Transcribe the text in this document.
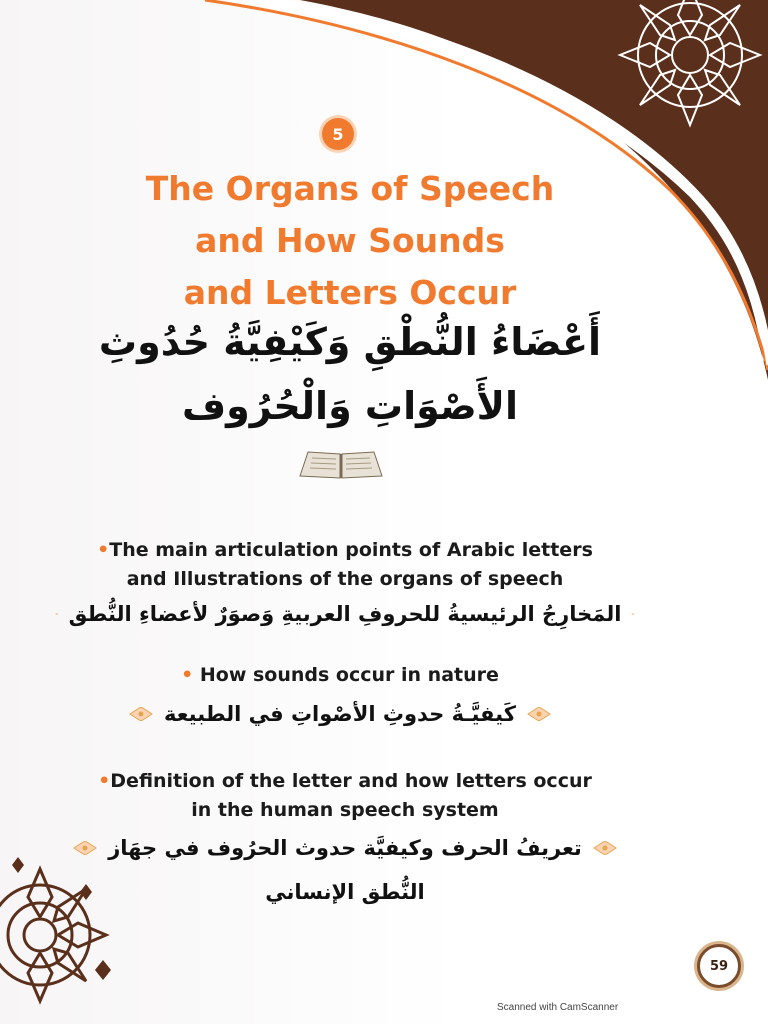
5
The Organs of Speech
and How Sounds
and Letters Occur
أَعْضَاءُ النُّطْقِ وَكَيْفِيَّةُ حُدُوثِ
الأَصْوَاتِ وَالْحُرُوف
•The main articulation points of Arabic letters
and Illustrations of the organs of speech
المَخارِجُ الرئيسيةُ للحروفِ العربيةِ وَصوَرٌ لأعضاءِ النُّطق
• How sounds occur in nature
كَيفيَّـةُ حدوثِ الأصْواتِ في الطبيعة
•Definition of the letter and how letters occur
in the human speech system
تعريفُ الحرف وكيفيَّة حدوث الحرُوف في جهَاز
النُّطق الإنساني
59
Scanned with CamScanner
